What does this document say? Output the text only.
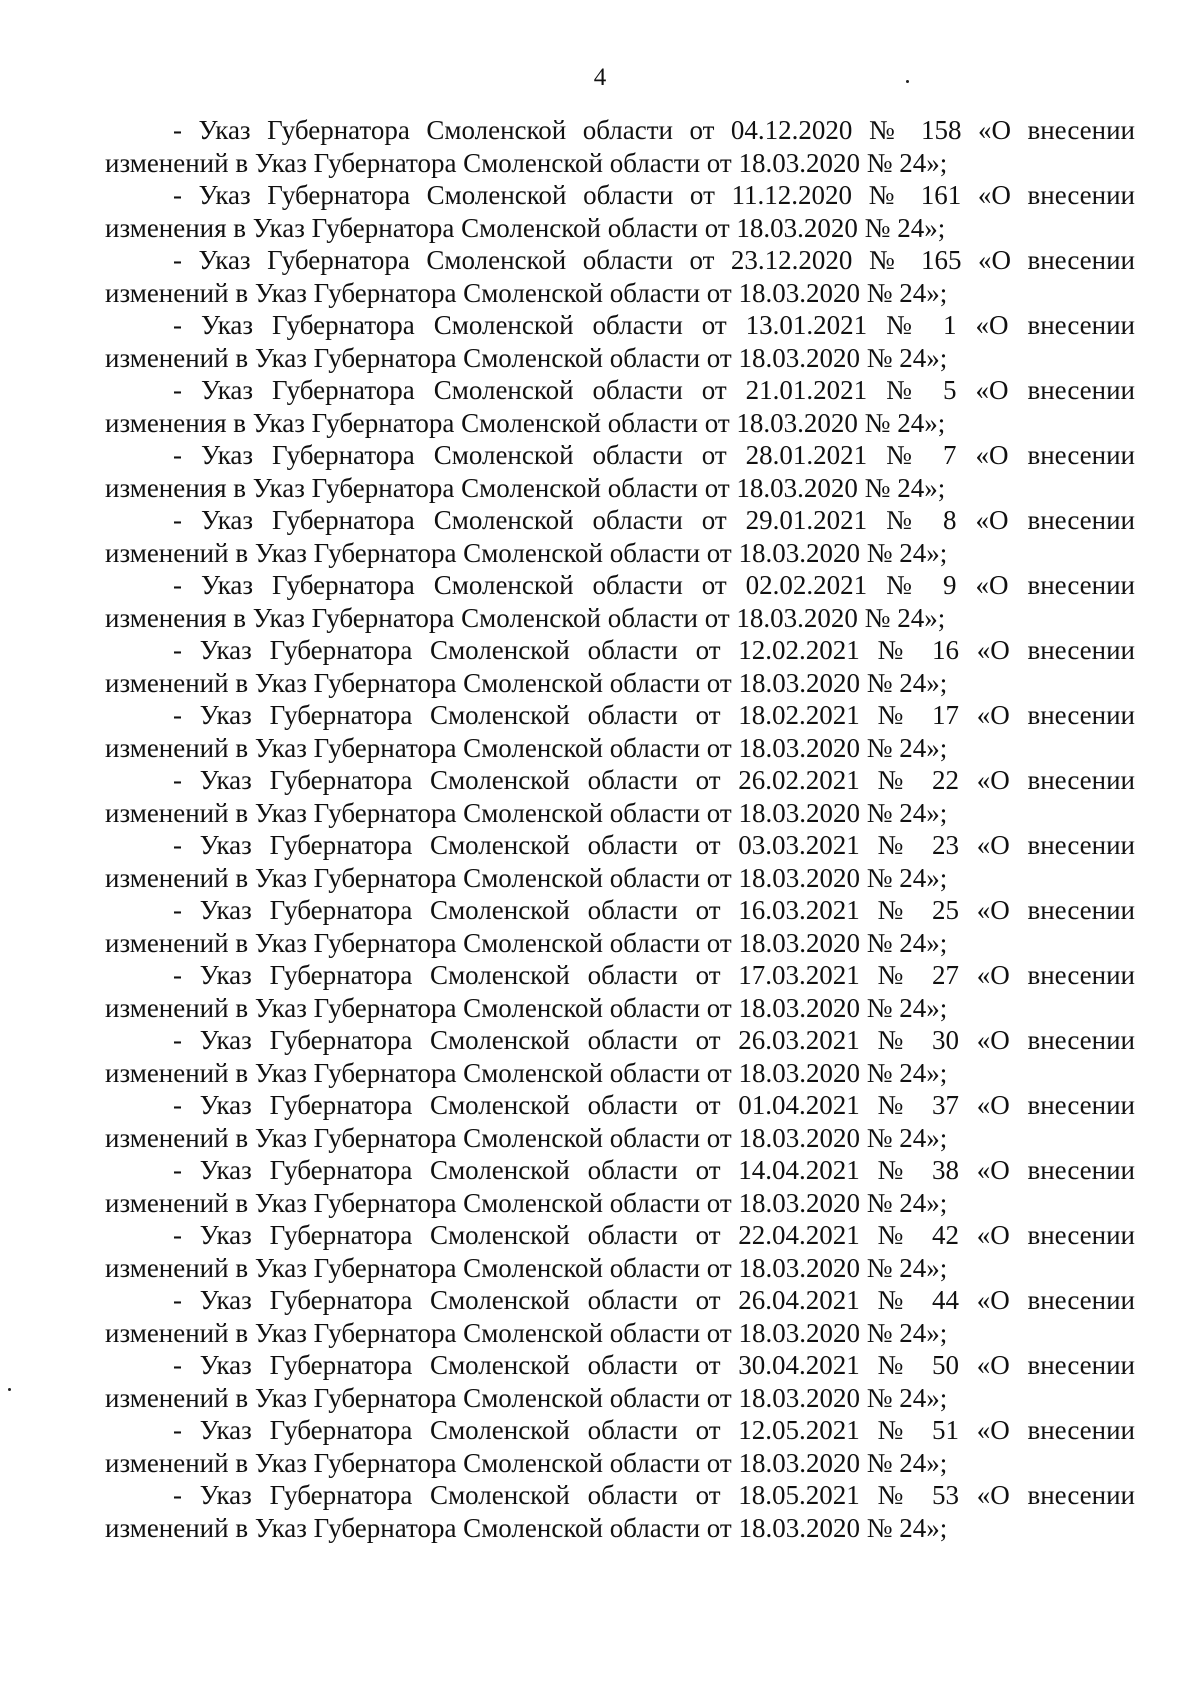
4
- Указ Губернатора Смоленской области от 04.12.2020 № 158 «О внесении
изменений в Указ Губернатора Смоленской области от 18.03.2020 № 24»;
- Указ Губернатора Смоленской области от 11.12.2020 № 161 «О внесении
изменения в Указ Губернатора Смоленской области от 18.03.2020 № 24»;
- Указ Губернатора Смоленской области от 23.12.2020 № 165 «О внесении
изменений в Указ Губернатора Смоленской области от 18.03.2020 № 24»;
- Указ Губернатора Смоленской области от 13.01.2021 № 1 «О внесении
изменений в Указ Губернатора Смоленской области от 18.03.2020 № 24»;
- Указ Губернатора Смоленской области от 21.01.2021 № 5 «О внесении
изменения в Указ Губернатора Смоленской области от 18.03.2020 № 24»;
- Указ Губернатора Смоленской области от 28.01.2021 № 7 «О внесении
изменения в Указ Губернатора Смоленской области от 18.03.2020 № 24»;
- Указ Губернатора Смоленской области от 29.01.2021 № 8 «О внесении
изменений в Указ Губернатора Смоленской области от 18.03.2020 № 24»;
- Указ Губернатора Смоленской области от 02.02.2021 № 9 «О внесении
изменения в Указ Губернатора Смоленской области от 18.03.2020 № 24»;
- Указ Губернатора Смоленской области от 12.02.2021 № 16 «О внесении
изменений в Указ Губернатора Смоленской области от 18.03.2020 № 24»;
- Указ Губернатора Смоленской области от 18.02.2021 № 17 «О внесении
изменений в Указ Губернатора Смоленской области от 18.03.2020 № 24»;
- Указ Губернатора Смоленской области от 26.02.2021 № 22 «О внесении
изменений в Указ Губернатора Смоленской области от 18.03.2020 № 24»;
- Указ Губернатора Смоленской области от 03.03.2021 № 23 «О внесении
изменений в Указ Губернатора Смоленской области от 18.03.2020 № 24»;
- Указ Губернатора Смоленской области от 16.03.2021 № 25 «О внесении
изменений в Указ Губернатора Смоленской области от 18.03.2020 № 24»;
- Указ Губернатора Смоленской области от 17.03.2021 № 27 «О внесении
изменений в Указ Губернатора Смоленской области от 18.03.2020 № 24»;
- Указ Губернатора Смоленской области от 26.03.2021 № 30 «О внесении
изменений в Указ Губернатора Смоленской области от 18.03.2020 № 24»;
- Указ Губернатора Смоленской области от 01.04.2021 № 37 «О внесении
изменений в Указ Губернатора Смоленской области от 18.03.2020 № 24»;
- Указ Губернатора Смоленской области от 14.04.2021 № 38 «О внесении
изменений в Указ Губернатора Смоленской области от 18.03.2020 № 24»;
- Указ Губернатора Смоленской области от 22.04.2021 № 42 «О внесении
изменений в Указ Губернатора Смоленской области от 18.03.2020 № 24»;
- Указ Губернатора Смоленской области от 26.04.2021 № 44 «О внесении
изменений в Указ Губернатора Смоленской области от 18.03.2020 № 24»;
- Указ Губернатора Смоленской области от 30.04.2021 № 50 «О внесении
изменений в Указ Губернатора Смоленской области от 18.03.2020 № 24»;
- Указ Губернатора Смоленской области от 12.05.2021 № 51 «О внесении
изменений в Указ Губернатора Смоленской области от 18.03.2020 № 24»;
- Указ Губернатора Смоленской области от 18.05.2021 № 53 «О внесении
изменений в Указ Губернатора Смоленской области от 18.03.2020 № 24»;
